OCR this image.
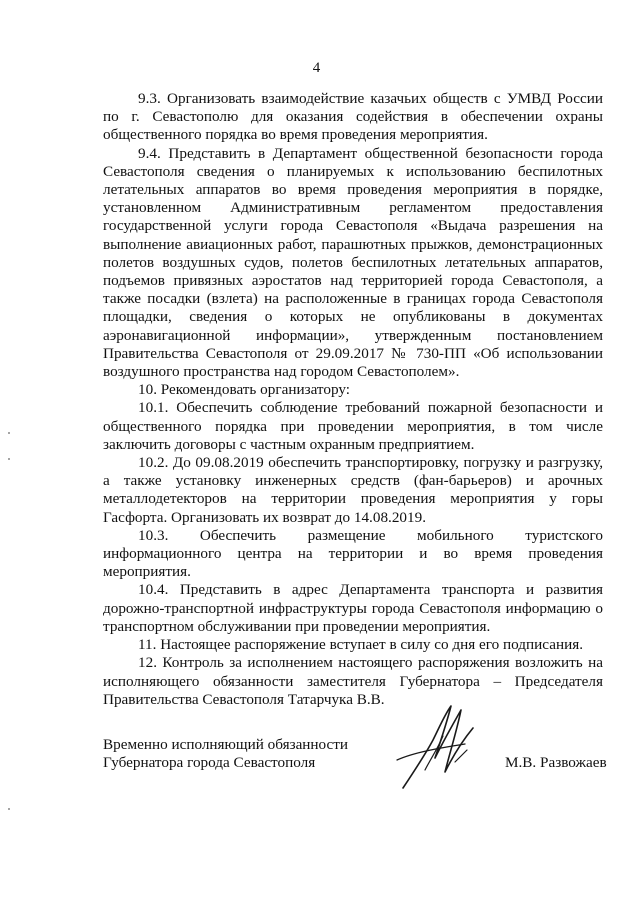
4

9.3. Организовать взаимодействие казачьих обществ с УМВД России по г. Севастополю для оказания содействия в обеспечении охраны общественного порядка во время проведения мероприятия.

9.4. Представить в Департамент общественной безопасности города Севастополя сведения о планируемых к использованию беспилотных летательных аппаратов во время проведения мероприятия в порядке, установленном Административным регламентом предоставления государственной услуги города Севастополя «Выдача разрешения на выполнение авиационных работ, парашютных прыжков, демонстрационных полетов воздушных судов, полетов беспилотных летательных аппаратов, подъемов привязных аэростатов над территорией города Севастополя, а также посадки (взлета) на расположенные в границах города Севастополя площадки, сведения о которых не опубликованы в документах аэронавигационной информации», утвержденным постановлением Правительства Севастополя от 29.09.2017 № 730-ПП «Об использовании воздушного пространства над городом Севастополем».

10. Рекомендовать организатору:

10.1. Обеспечить соблюдение требований пожарной безопасности и общественного порядка при проведении мероприятия, в том числе заключить договоры с частным охранным предприятием.

10.2. До 09.08.2019 обеспечить транспортировку, погрузку и разгрузку, а также установку инженерных средств (фан-барьеров) и арочных металлодетекторов на территории проведения мероприятия у горы Гасфорта. Организовать их возврат до 14.08.2019.

10.3. Обеспечить размещение мобильного туристского информационного центра на территории и во время проведения мероприятия.

10.4. Представить в адрес Департамента транспорта и развития дорожно-транспортной инфраструктуры города Севастополя информацию о транспортном обслуживании при проведении мероприятия.

11. Настоящее распоряжение вступает в силу со дня его подписания.

12. Контроль за исполнением настоящего распоряжения возложить на исполняющего обязанности заместителя Губернатора – Председателя Правительства Севастополя Татарчука В.В.

Временно исполняющий обязанности
Губернатора города Севастополя	М.В. Развожаев
